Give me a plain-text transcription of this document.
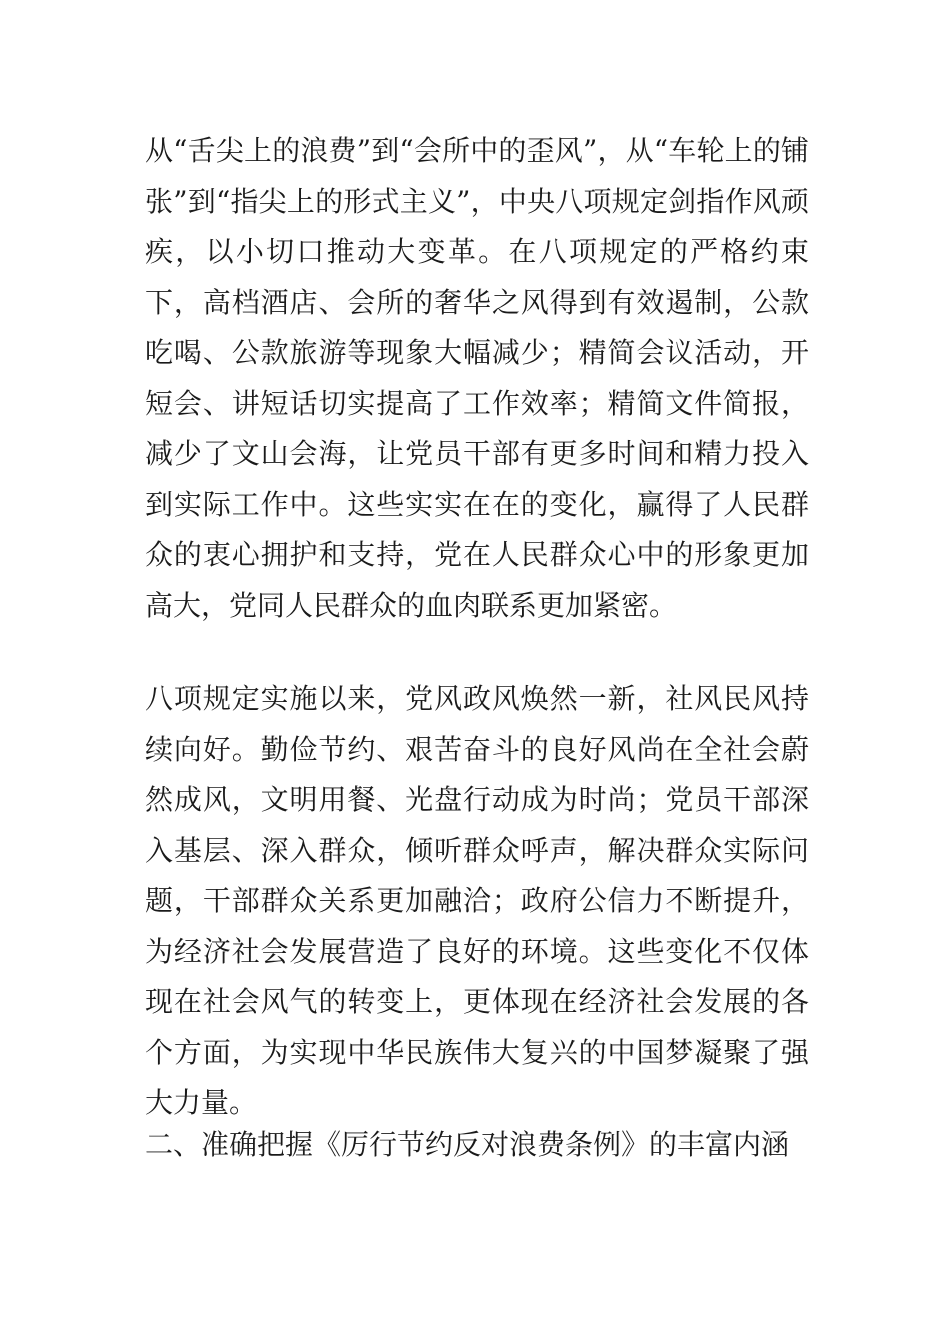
从“舌尖上的浪费”到“会所中的歪风”，从“车轮上的铺张”到“指尖上的形式主义”，中央八项规定剑指作风顽疾，以小切口推动大变革。在八项规定的严格约束下，高档酒店、会所的奢华之风得到有效遏制，公款吃喝、公款旅游等现象大幅减少；精简会议活动，开短会、讲短话切实提高了工作效率；精简文件简报，减少了文山会海，让党员干部有更多时间和精力投入到实际工作中。这些实实在在的变化，赢得了人民群众的衷心拥护和支持，党在人民群众心中的形象更加高大，党同人民群众的血肉联系更加紧密。

八项规定实施以来，党风政风焕然一新，社风民风持续向好。勤俭节约、艰苦奋斗的良好风尚在全社会蔚然成风，文明用餐、光盘行动成为时尚；党员干部深入基层、深入群众，倾听群众呼声，解决群众实际问题，干部群众关系更加融洽；政府公信力不断提升，为经济社会发展营造了良好的环境。这些变化不仅体现在社会风气的转变上，更体现在经济社会发展的各个方面，为实现中华民族伟大复兴的中国梦凝聚了强大力量。

二、准确把握《厉行节约反对浪费条例》的丰富内涵
